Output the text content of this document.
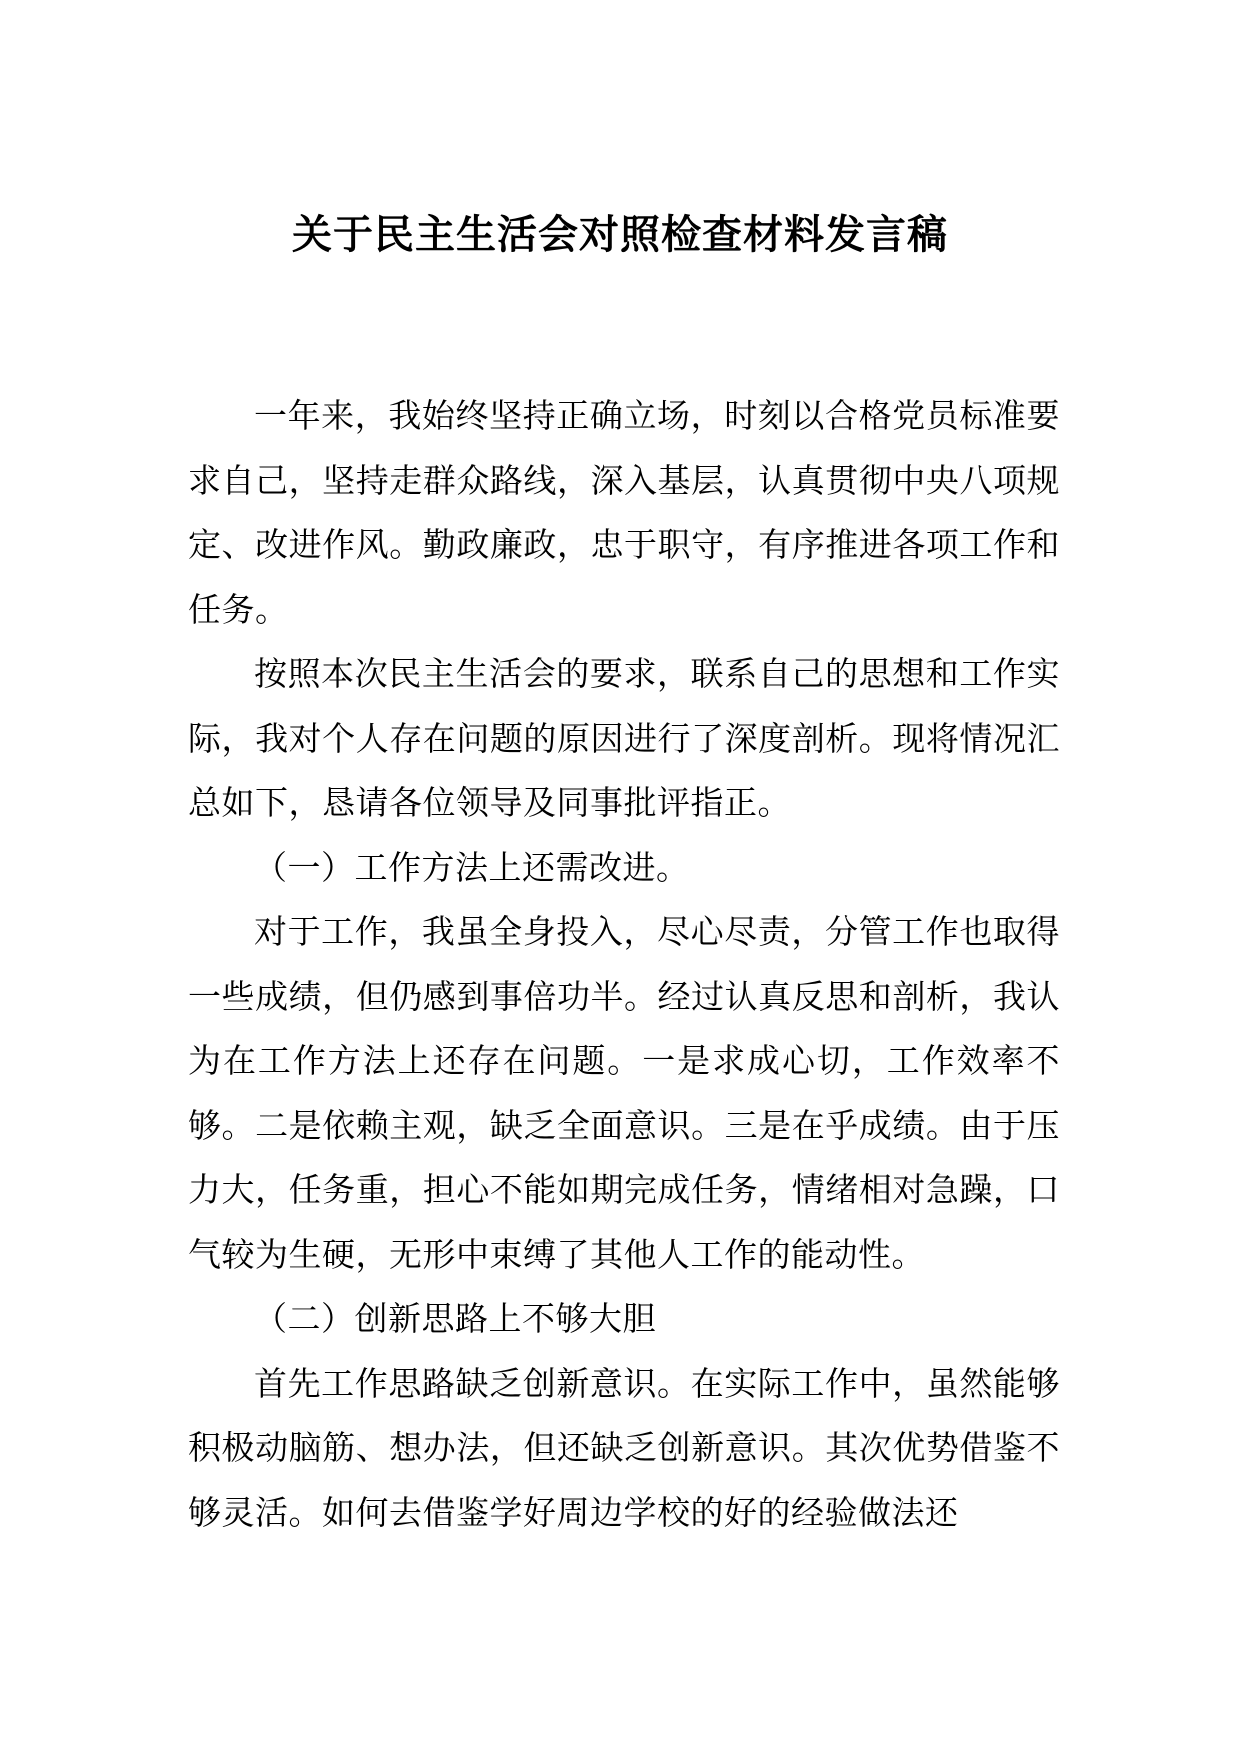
关于民主生活会对照检查材料发言稿

一年来，我始终坚持正确立场，时刻以合格党员标准要求自己，坚持走群众路线，深入基层，认真贯彻中央八项规定、改进作风。勤政廉政，忠于职守，有序推进各项工作和任务。

按照本次民主生活会的要求，联系自己的思想和工作实际，我对个人存在问题的原因进行了深度剖析。现将情况汇总如下，恳请各位领导及同事批评指正。

（一）工作方法上还需改进。

对于工作，我虽全身投入，尽心尽责，分管工作也取得一些成绩，但仍感到事倍功半。经过认真反思和剖析，我认为在工作方法上还存在问题。一是求成心切，工作效率不够。二是依赖主观，缺乏全面意识。三是在乎成绩。由于压力大，任务重，担心不能如期完成任务，情绪相对急躁，口气较为生硬，无形中束缚了其他人工作的能动性。

（二）创新思路上不够大胆

首先工作思路缺乏创新意识。在实际工作中，虽然能够积极动脑筋、想办法，但还缺乏创新意识。其次优势借鉴不够灵活。如何去借鉴学好周边学校的好的经验做法还
